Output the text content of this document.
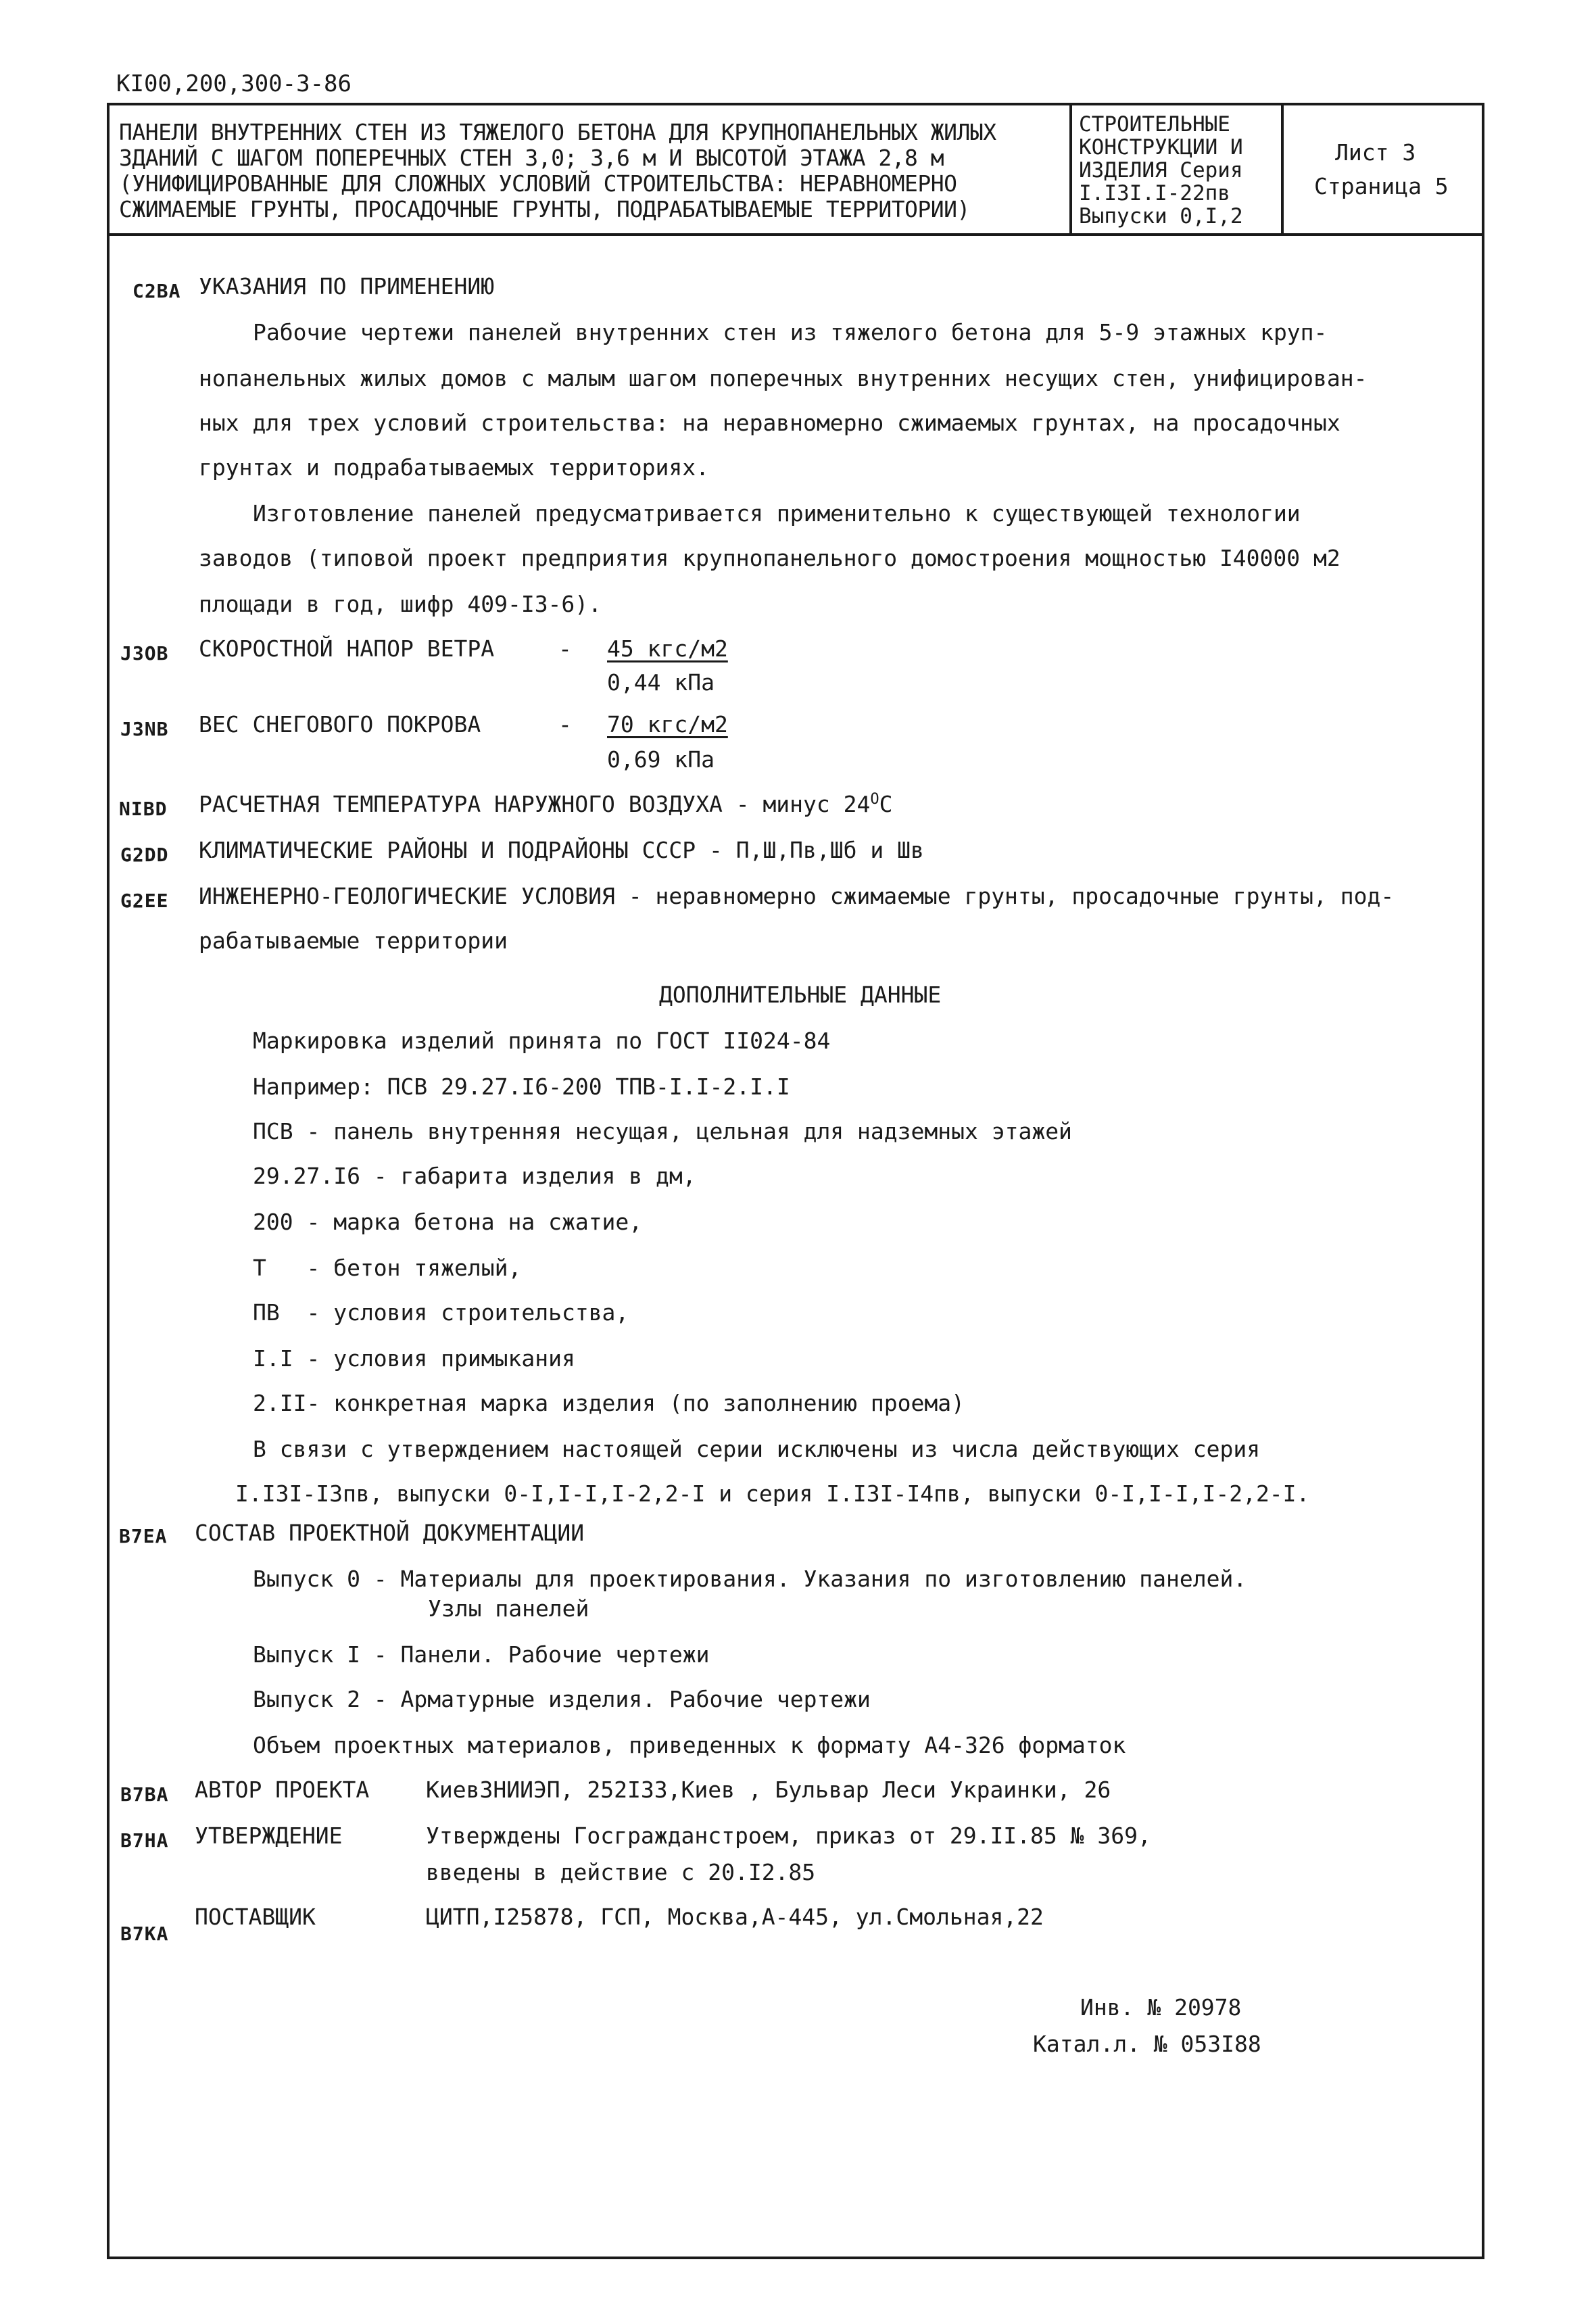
KI00,200,300-3-86
ПАНЕЛИ ВНУТРЕННИХ СТЕН ИЗ ТЯЖЕЛОГО БЕТОНА ДЛЯ КРУПНОПАНЕЛЬНЫХ ЖИЛЫХ
ЗДАНИЙ С ШАГОМ ПОПЕРЕЧНЫХ СТЕН 3,0; 3,6 м И ВЫСОТОЙ ЭТАЖА 2,8 м
(УНИФИЦИРОВАННЫЕ ДЛЯ СЛОЖНЫХ УСЛОВИЙ СТРОИТЕЛЬСТВА: НЕРАВНОМЕРНО
СЖИМАЕМЫЕ ГРУНТЫ, ПРОСАДОЧНЫЕ ГРУНТЫ, ПОДРАБАТЫВАЕМЫЕ ТЕРРИТОРИИ)
СТРОИТЕЛЬНЫЕ
КОНСТРУКЦИИ И
ИЗДЕЛИЯ Серия
I.I3I.I-22пв
Выпуски 0,I,2
Лист 3
Страница 5
C2BA УКАЗАНИЯ ПО ПРИМЕНЕНИЮ
Рабочие чертежи панелей внутренних стен из тяжелого бетона для 5-9 этажных круп-
нопанельных жилых домов с малым шагом поперечных внутренних несущих стен, унифицирован-
ных для трех условий строительства: на неравномерно сжимаемых грунтах, на просадочных
грунтах и подрабатываемых территориях.
Изготовление панелей предусматривается применительно к существующей технологии
заводов (типовой проект предприятия крупнопанельного домостроения мощностью I40000 м2
площади в год, шифр 409-I3-6).
J3OB СКОРОСТНОЙ НАПОР ВЕТРА	- 45 кгс/м2
0,44 кПа
J3NB ВЕС СНЕГОВОГО ПОКРОВА	- 70 кгс/м2
0,69 кПа
NIBD РАСЧЕТНАЯ ТЕМПЕРАТУРА НАРУЖНОГО ВОЗДУХА - минус $24^OC$
G2DD КЛИМАТИЧЕСКИЕ РАЙОНЫ И ПОДРАЙОНЫ СССР - П,Ш,Пв,Шб и Шв
G2EE ИНЖЕНЕРНО-ГЕОЛОГИЧЕСКИЕ УСЛОВИЯ - неравномерно сжимаемые грунты, просадочные грунты, под-
рабатываемые территории
ДОПОЛНИТЕЛЬНЫЕ ДАННЫЕ
Маркировка изделий принята по ГОСТ II024-84
Например: ПСВ 29.27.I6-200 ТПВ-I.I-2.I.I
ПСВ - панель внутренняя несущая, цельная для надземных этажей
29.27.I6 - габарита изделия в дм,
200 - марка бетона на сжатие,
Т   - бетон тяжелый,
ПВ  - условия строительства,
I.I - условия примыкания
2.II- конкретная марка изделия (по заполнению проема)
В связи с утверждением настоящей серии исключены из числа действующих серия
I.I3I-I3пв, выпуски 0-I,I-I,I-2,2-I и серия I.I3I-I4пв, выпуски 0-I,I-I,I-2,2-I.
B7EA СОСТАВ ПРОЕКТНОЙ ДОКУМЕНТАЦИИ
Выпуск 0 - Материалы для проектирования. Указания по изготовлению панелей.
Узлы панелей
Выпуск I - Панели. Рабочие чертежи
Выпуск 2 - Арматурные изделия. Рабочие чертежи
Объем проектных материалов, приведенных к формату А4-326 форматок
B7BA АВТОР ПРОЕКТА	КиевЗНИИЭП, 252I33,Киев , Бульвар Леси Украинки, 26
B7HA УТВЕРЖДЕНИЕ	Утверждены Госгражданстроем, приказ от 29.II.85 № 369,
введены в действие с 20.I2.85
B7KA
ПОСТАВЩИК	ЦИТП,I25878, ГСП, Москва,А-445, ул.Смольная,22
Инв. № 20978
Катал.л. № 053I88
